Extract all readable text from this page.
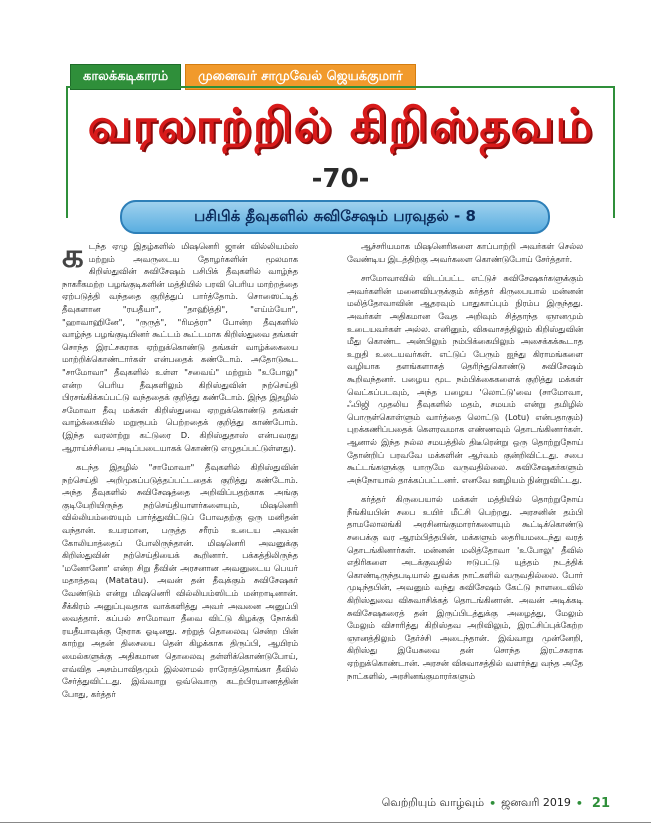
காலக்கடிகாரம்	முனைவர் சாமுவேல் ஜெயக்குமார்
வரலாற்றில் கிறிஸ்தவம்
-70-
பசிபிக் தீவுகளில் சுவிசேஷம் பரவுதல் - 8

கடந்த ஏழு இதழ்களில் மிஷனெரி ஜான் வில்லியம்ஸ் மற்றும் அவருடைய தோழர்களின் மூலமாக கிறிஸ்துவின் சுவிசேஷம் பசிபிக் தீவுகளில் வாழ்ந்த நாகரீகமற்ற பழங்குடிகளின் மத்தியில் பரவி பெரிய மாற்றத்தை ஏற்படுத்தி வந்ததை குறித்துப் பார்த்தோம். சொஸைட்டித் தீவுகளான "ரயதீயா", "தாஹித்தி", "எய்ம்யோ", "ஹாவாஹினே", "ருருத்", "ரிமத்ரா" போன்ற தீவுகளில் வாழ்ந்த பழங்குடியினர் கூட்டம் கூட்டமாக கிறிஸ்துவை தங்கள் சொந்த இரட்சகராக ஏற்றுக்கொண்டு தங்கள் வாழ்க்கையை மாற்றிக்கொண்டார்கள் என்பதைக் கண்டோம். அதோடுகூட "சாமோவா" தீவுகளில் உள்ள "சவைய்" மற்றும் "உபோலு" என்ற பெரிய தீவுகளிலும் கிறிஸ்துவின் நற்செய்தி பிரசங்கிக்கப்பட்டு வந்ததைக் குறித்து கண்டோம். இந்த இதழில் சமோவா தீவு மக்கள் கிறிஸ்துவை ஏறறுக்கொண்டு தங்கள் வாழ்க்கையில் மறுரூபம் பெற்றதைக் குறித்து காண்போம். (இந்த வரலாற்று கட்டுரை D. கிறிஸ்துதாஸ் என்பவரது ஆராய்ச்சியை அடிப்படையாகக் கொண்டு எழுதப்பட்டுள்ளது).

கடந்த இதழில் "சாமோவா" தீவுகளில் கிறிஸ்துவின் நற்செய்தி அறிமுகப்படுத்தப்பட்டதைக் குறித்து கண்டோம். அந்த தீவுகளில் சுவிசேஷத்தை அறிவிப்பதற்காக அங்கு குடியேறியிருந்த நற்செய்தியாளர்களையும், மிஷனெரி வில்லியம்ஸையும் பார்த்துவிட்டுப் போவதற்கு ஒரு மனிதன் வந்தான். உயரமான, பருத்த சரீரம் உடைய அவன் கோலியாத்தைப் போலிருந்தான். மிஷனெரி அவனுக்கு கிறிஸ்துவின் நற்செய்தியைக் கூறினார். பக்கத்திலிருந்த 'மனோனோ' என்ற சிறு தீவின் அரசனான அவனுடைய பெயர் மதாத்தவு (Matatau). அவன் தன் தீவுக்கும் சுவிசேஷகர் வேண்டும் என்று மிஷனெரி வில்லியம்ஸிடம் மன்றாடினான். சீக்கிரம் அனுப்புவதாக வாக்களித்து அவர் அவனை அனுப்பி வைத்தார். கப்பல் சாமோவா தீவை விட்டு கிழக்கு நோக்கி ரயதீயாவுக்கு நேராக ஓடினது. சற்றுத் தொலைவு சென்ற பின் காற்று அதன் திசையை தென் கிழக்காக திருப்பி, ஆயிரம் மைல்களுக்கு அதிகமான தொலைவு தள்ளிக்கொண்டுபோய், எவ்வித அசம்பாவிதமும் இல்லாமல் ராரோத்தொங்கா தீவில் சேர்த்துவிட்டது. இவ்வாறு ஒவ்வொரு கடற்பிரயாணத்தின் போது, கர்த்தர்

ஆச்சரியமாக மிஷனெரிகளை காப்பாற்றி அவர்கள் செல்ல வேண்டிய இடத்திற்கு அவர்களை கொண்டுபோய் சேர்த்தார்.

சாமோவாவில் விடப்பட்ட எட்டுச் சுவிசேஷகர்களுக்கும் அவர்களின் மனைவியருக்கும் கர்த்தர் கிருபையால் மன்னன் மலித்தோவாவின் ஆதரவும் பாதுகாப்பும் நிரம்ப இருந்தது. அவர்கள் அதிகமான வேத அறிவும் சித்தாந்த ஞானமும் உடையவர்கள் அல்ல. எனினும், விசுவாசத்திலும் கிறிஸ்துவின் மீது கொண்ட அன்பிலும் நம்பிக்கையிலும் அசைக்கக்கூடாத உறுதி உடையவர்கள். எட்டுப் பேரும் ஐந்து கிராமங்களை வழியாக தளங்களாகத் தெரிந்துகொண்டு சுவிசேஷம் கூறிவந்தனர். பழைய மூட நம்பிக்கைகளைக் குறித்து மக்கள் வெட்கப்படவும், அந்த பழைய 'லொட்டு'வை (சாமோவா, ஃபிஜி முதலிய தீவுகளில் மதம், சமயம் என்று தமிழில் பொருள்கொள்ளும் வார்த்தை லொட்டு (Lotu) என்பதாகும்) புறக்கணிப்பதைக் கௌரவமாக எண்ணவும் தொடங்கினார்கள். ஆனால் இந்த நல்ல சமயத்தில் திடீரென்று ஒரு தொற்றுநோய் தோன்றிப் பரவவே மக்களின் ஆர்வம் குன்றிவிட்டது. சபை கூட்டங்களுக்கு யாருமே வருவதில்லை. சுவிசேஷகர்களும் அந்நோயால் தாக்கப்பட்டனர். எனவே ஊழியம் நின்றுவிட்டது.

கர்த்தர் கிருபையால் மக்கள் மத்தியில் தொற்றுநோய் நீங்கியபின் சபை உயிர் மீட்சி பெற்றது. அரசனின் தம்பி தாமலோலங்கி அரசினங்குமாரர்களையும் கூட்டிக்கொண்டு சபைக்கு வர ஆரம்பித்தபின், மக்களும் தைரியமடைந்து வரத் தொடங்கினார்கள். மன்னன் மலித்தோவா 'உபோலு' தீவில் எதிரிகளை அடக்குவதில் ஈடுபட்டு யுத்தம் நடத்திக் கொண்டிருந்தபடியால் துவக்க நாட்களில் வருவதில்லை. போர் முடிந்தபின், அவனும் வந்து சுவிசேஷம் கேட்டு நாளடைவில் கிறிஸ்துவை விசுவாசிக்கத் தொடங்கினான். அவன் அடிக்கடி சுவிசேஷகரைத் தன் இருப்பிடத்துக்கு அழைத்து, மேலும் மேலும் விசாரித்து கிறிஸ்தவ அறிவிலும், இரட்சிப்புக்கேற்ற ஞானத்திலும் தேர்ச்சி அடைந்தான். இவ்வாறு முன்னேறி, கிறிஸ்து இயேசுவை தன் சொந்த இரட்சகராக ஏற்றுக்கொண்டான். அரசன் விசுவாசத்தில் வளர்ந்து வந்த அதே நாட்களில், அரசினங்குமாரர்களும்

வெற்றியும் வாழ்வும் • ஜனவரி 2019 • 21
